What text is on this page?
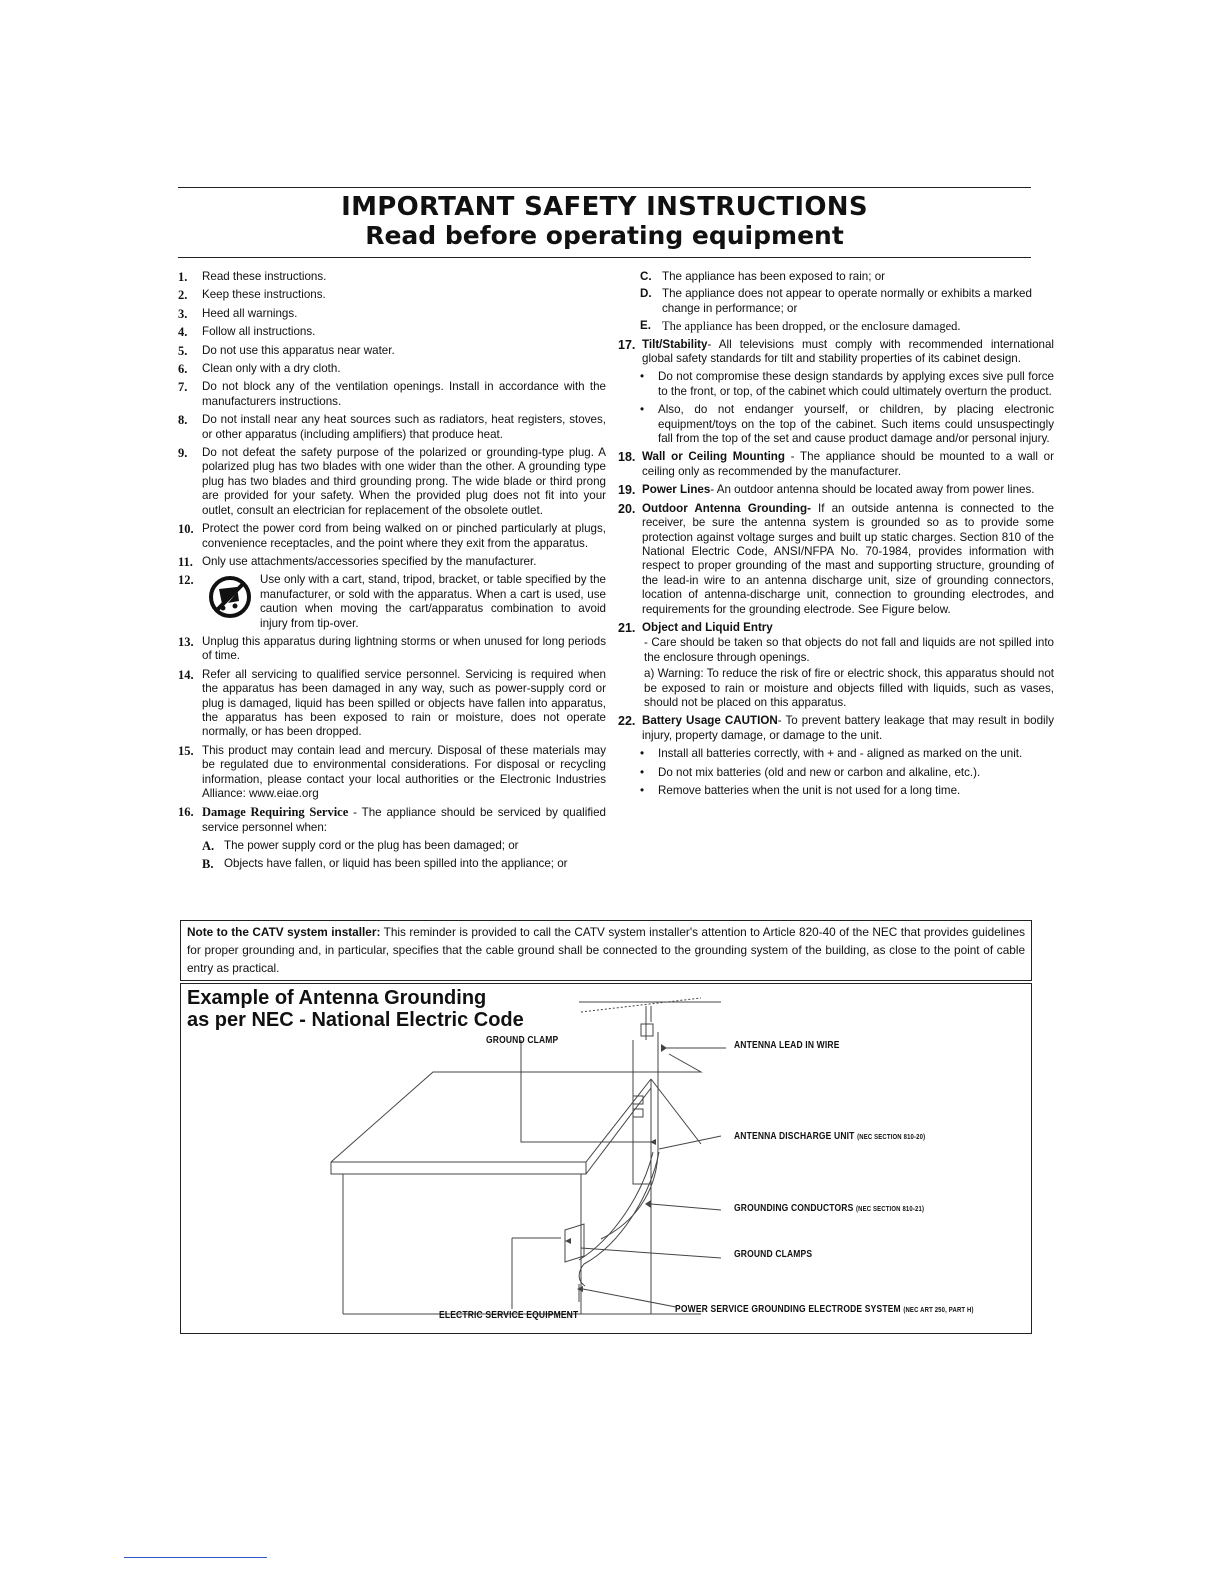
IMPORTANT SAFETY INSTRUCTIONS
Read before operating equipment
1. Read these instructions.
2. Keep these instructions.
3. Heed all warnings.
4. Follow all instructions.
5. Do not use this apparatus near water.
6. Clean only with a dry cloth.
7. Do not block any of the ventilation openings. Install in accordance with the manufacturers instructions.
8. Do not install near any heat sources such as radiators, heat registers, stoves, or other apparatus (including amplifiers) that produce heat.
9. Do not defeat the safety purpose of the polarized or grounding-type plug. A polarized plug has two blades with one wider than the other. A grounding type plug has two blades and third grounding prong. The wide blade or third prong are provided for your safety. When the provided plug does not fit into your outlet, consult an electrician for replacement of the obsolete outlet.
10. Protect the power cord from being walked on or pinched particularly at plugs, convenience receptacles, and the point where they exit from the apparatus.
11. Only use attachments/accessories specified by the manufacturer.
12.	Use only with a cart, stand, tripod, bracket, or table specified by the manufacturer, or sold with the apparatus. When a cart is used, use caution when moving the cart/apparatus combination to avoid injury from tip-over.
13. Unplug this apparatus during lightning storms or when unused for long periods of time.
14. Refer all servicing to qualified service personnel. Servicing is required when the apparatus has been damaged in any way, such as power-supply cord or plug is damaged, liquid has been spilled or objects have fallen into apparatus, the apparatus has been exposed to rain or moisture, does not operate normally, or has been dropped.
15. This product may contain lead and mercury. Disposal of these materials may be regulated due to environmental considerations. For disposal or recycling information, please contact your local authorities or the Electronic Industries Alliance: www.eiae.org
16. Damage Requiring Service - The appliance should be serviced by qualified service personnel when:
A. The power supply cord or the plug has been damaged; or
B. Objects have fallen, or liquid has been spilled into the appliance; or
C. The appliance has been exposed to rain; or
D. The appliance does not appear to operate normally or exhibits a marked change in performance; or
E. The appliance has been dropped, or the enclosure damaged.
17. Tilt/Stability- All televisions must comply with recommended international global safety standards for tilt and stability properties of its cabinet design.
• Do not compromise these design standards by applying exces sive pull force to the front, or top, of the cabinet which could ultimately overturn the product.
• Also, do not endanger yourself, or children, by placing electronic equipment/toys on the top of the cabinet. Such items could unsuspectingly fall from the top of the set and cause product damage and/or personal injury.
18. Wall or Ceiling Mounting - The appliance should be mounted to a wall or ceiling only as recommended by the manufacturer.
19. Power Lines- An outdoor antenna should be located away from power lines.
20. Outdoor Antenna Grounding- If an outside antenna is connected to the receiver, be sure the antenna system is grounded so as to provide some protection against voltage surges and built up static charges. Section 810 of the National Electric Code, ANSI/NFPA No. 70-1984, provides information with respect to proper grounding of the mast and supporting structure, grounding of the lead-in wire to an antenna discharge unit, size of grounding connectors, location of antenna-discharge unit, connection to grounding electrodes, and requirements for the grounding electrode. See Figure below.
21. Object and Liquid Entry
- Care should be taken so that objects do not fall and liquids are not spilled into the enclosure through openings.
a) Warning: To reduce the risk of fire or electric shock, this apparatus should not be exposed to rain or moisture and objects filled with liquids, such as vases, should not be placed on this apparatus.
22. Battery Usage CAUTION- To prevent battery leakage that may result in bodily injury, property damage, or damage to the unit.
• Install all batteries correctly, with + and - aligned as marked on the unit.
• Do not mix batteries (old and new or carbon and alkaline, etc.).
• Remove batteries when the unit is not used for a long time.
Note to the CATV system installer: This reminder is provided to call the CATV system installer's attention to Article 820-40 of the NEC that provides guidelines for proper grounding and, in particular, specifies that the cable ground shall be connected to the grounding system of the building, as close to the point of cable entry as practical.
Example of Antenna Grounding
as per NEC - National Electric Code
GROUND CLAMP	ANTENNA LEAD IN WIRE
ANTENNA DISCHARGE UNIT (NEC SECTION 810-20)
GROUNDING CONDUCTORS (NEC SECTION 810-21)
GROUND CLAMPS
POWER SERVICE GROUNDING ELECTRODE SYSTEM (NEC ART 250, PART H)
ELECTRIC SERVICE EQUIPMENT
